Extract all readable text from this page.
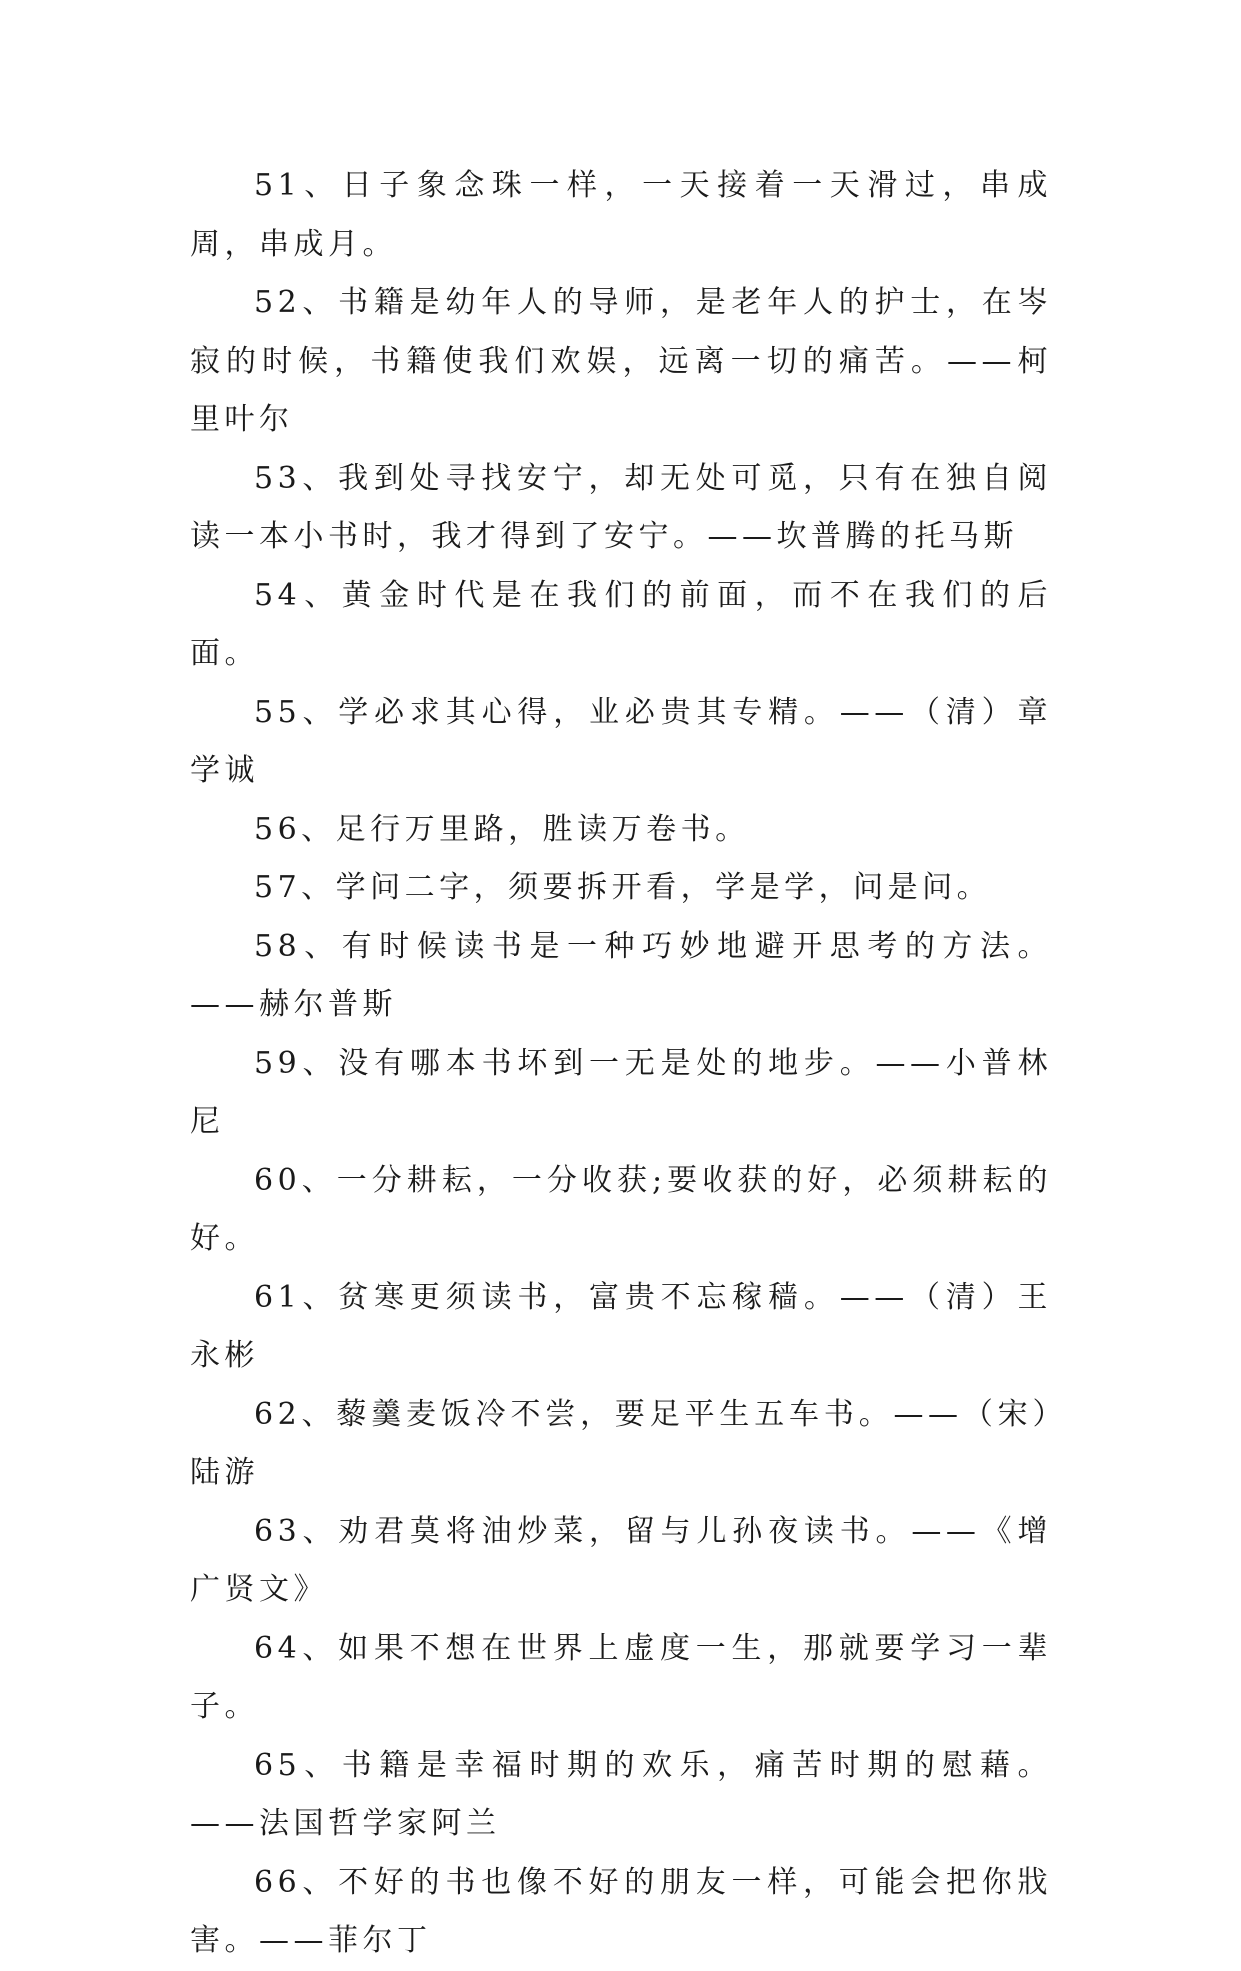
51、日子象念珠一样，一天接着一天滑过，串成周，串成月。

52、书籍是幼年人的导师，是老年人的护士，在岑寂的时候，书籍使我们欢娱，远离一切的痛苦。——柯里叶尔

53、我到处寻找安宁，却无处可觅，只有在独自阅读一本小书时，我才得到了安宁。——坎普腾的托马斯

54、黄金时代是在我们的前面，而不在我们的后面。

55、学必求其心得，业必贵其专精。——（清）章学诚

56、足行万里路，胜读万卷书。

57、学问二字，须要拆开看，学是学，问是问。

58、有时候读书是一种巧妙地避开思考的方法。——赫尔普斯

59、没有哪本书坏到一无是处的地步。——小普林尼

60、一分耕耘，一分收获;要收获的好，必须耕耘的好。

61、贫寒更须读书，富贵不忘稼穑。——（清）王永彬

62、藜羹麦饭冷不尝，要足平生五车书。——（宋）陆游

63、劝君莫将油炒菜，留与儿孙夜读书。——《增广贤文》

64、如果不想在世界上虚度一生，那就要学习一辈子。

65、书籍是幸福时期的欢乐，痛苦时期的慰藉。——法国哲学家阿兰

66、不好的书也像不好的朋友一样，可能会把你戕害。——菲尔丁
